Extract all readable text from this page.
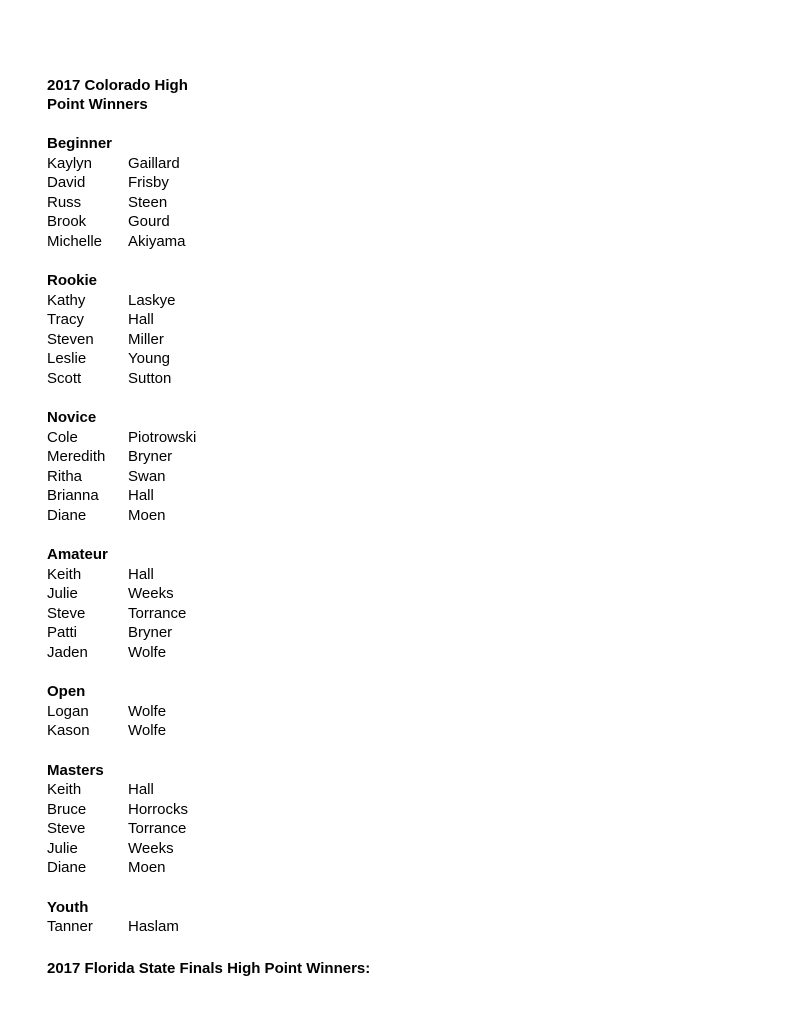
2017 Colorado High Point Winners
Beginner
Kaylyn	Gaillard
David	Frisby
Russ	Steen
Brook	Gourd
Michelle	Akiyama
Rookie
Kathy	Laskye
Tracy	Hall
Steven	Miller
Leslie	Young
Scott	Sutton
Novice
Cole	Piotrowski
Meredith	Bryner
Ritha	Swan
Brianna	Hall
Diane	Moen
Amateur
Keith	Hall
Julie	Weeks
Steve	Torrance
Patti	Bryner
Jaden	Wolfe
Open
Logan	Wolfe
Kason	Wolfe
Masters
Keith	Hall
Bruce	Horrocks
Steve	Torrance
Julie	Weeks
Diane	Moen
Youth
Tanner	Haslam
2017 Florida State Finals High Point Winners:
